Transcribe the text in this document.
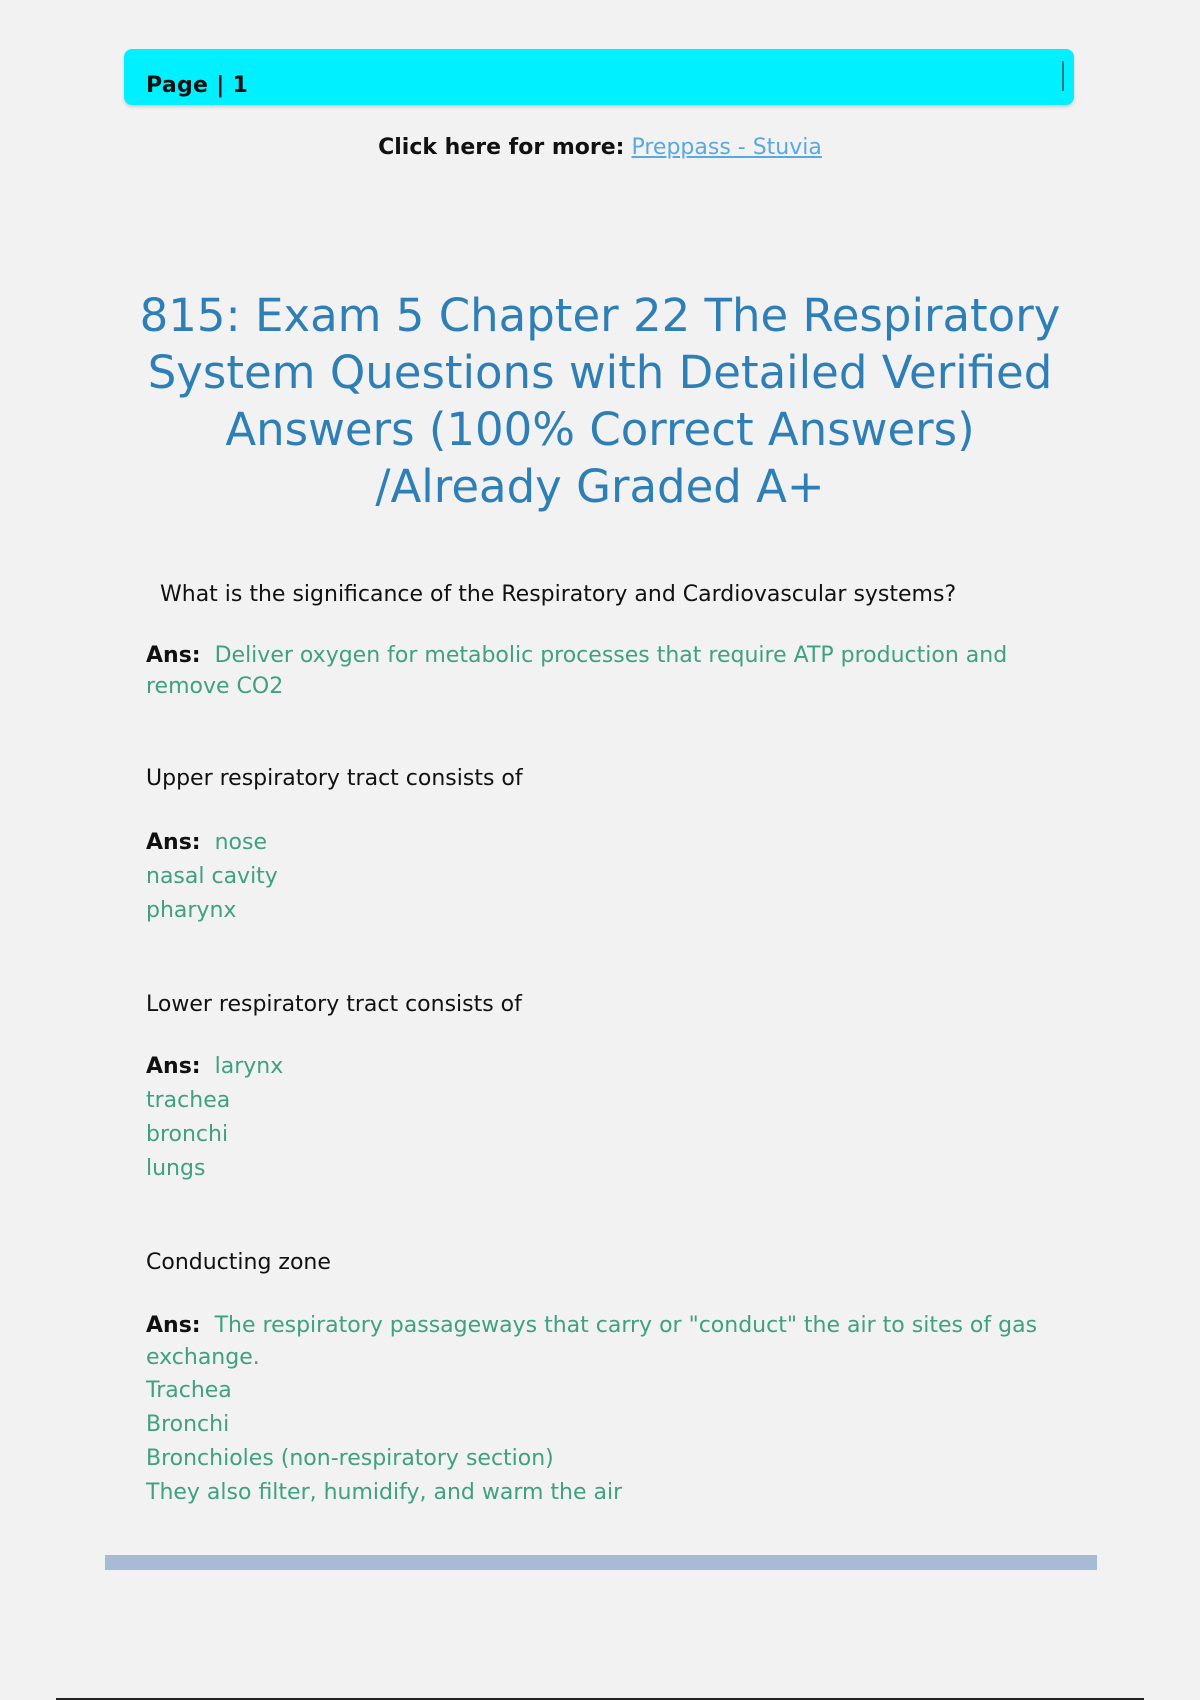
Page | 1
Click here for more: Preppass - Stuvia
815: Exam 5 Chapter 22 The Respiratory System Questions with Detailed Verified Answers (100% Correct Answers) /Already Graded A+
What is the significance of the Respiratory and Cardiovascular systems?
Ans: Deliver oxygen for metabolic processes that require ATP production and remove CO2
Upper respiratory tract consists of
Ans: nose
nasal cavity
pharynx
Lower respiratory tract consists of
Ans: larynx
trachea
bronchi
lungs
Conducting zone
Ans: The respiratory passageways that carry or "conduct" the air to sites of gas exchange.
Trachea
Bronchi
Bronchioles (non-respiratory section)
They also filter, humidify, and warm the air
